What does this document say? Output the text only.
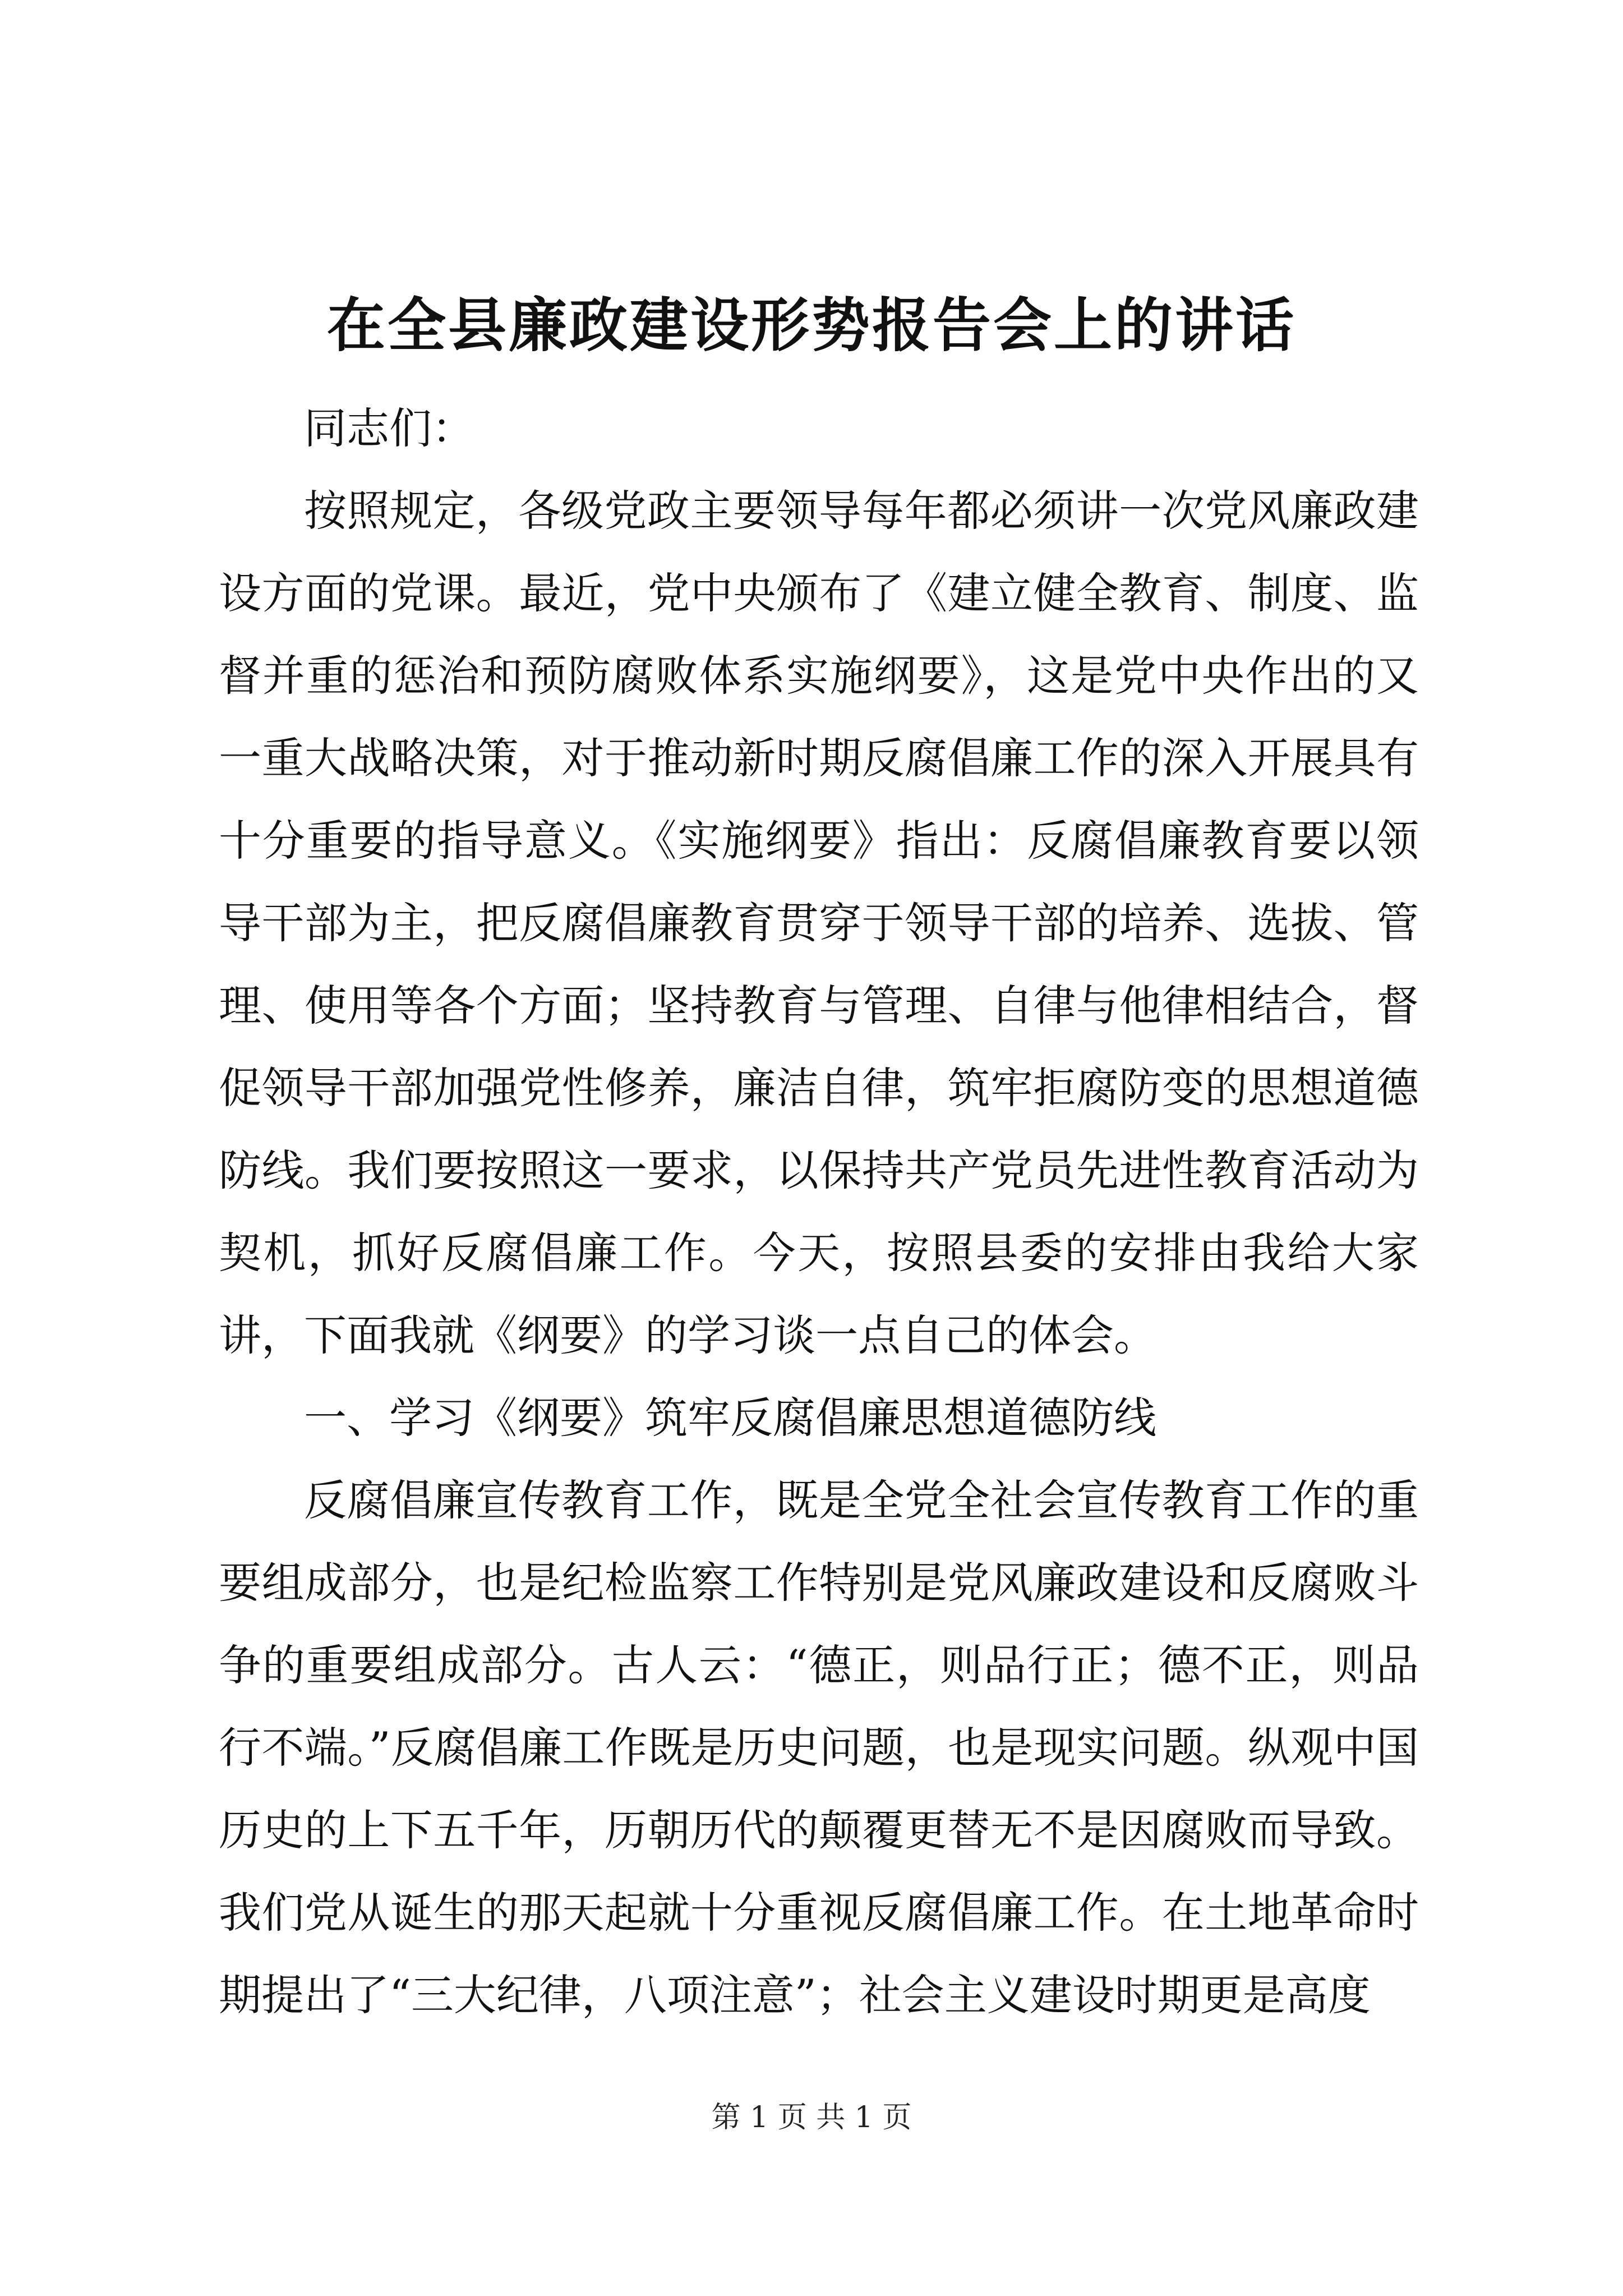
在全县廉政建设形势报告会上的讲话

同志们：

按照规定，各级党政主要领导每年都必须讲一次党风廉政建设方面的党课。最近，党中央颁布了《建立健全教育、制度、监督并重的惩治和预防腐败体系实施纲要》，这是党中央作出的又一重大战略决策，对于推动新时期反腐倡廉工作的深入开展具有十分重要的指导意义。《实施纲要》指出：反腐倡廉教育要以领导干部为主，把反腐倡廉教育贯穿于领导干部的培养、选拔、管理、使用等各个方面；坚持教育与管理、自律与他律相结合，督促领导干部加强党性修养，廉洁自律，筑牢拒腐防变的思想道德防线。我们要按照这一要求，以保持共产党员先进性教育活动为契机，抓好反腐倡廉工作。今天，按照县委的安排由我给大家讲，下面我就《纲要》的学习谈一点自己的体会。

一、学习《纲要》筑牢反腐倡廉思想道德防线

反腐倡廉宣传教育工作，既是全党全社会宣传教育工作的重要组成部分，也是纪检监察工作特别是党风廉政建设和反腐败斗争的重要组成部分。古人云：“德正，则品行正；德不正，则品行不端。”反腐倡廉工作既是历史问题，也是现实问题。纵观中国历史的上下五千年，历朝历代的颠覆更替无不是因腐败而导致。我们党从诞生的那天起就十分重视反腐倡廉工作。在土地革命时期提出了“三大纪律，八项注意”；社会主义建设时期更是高度

第 1 页 共 1 页
